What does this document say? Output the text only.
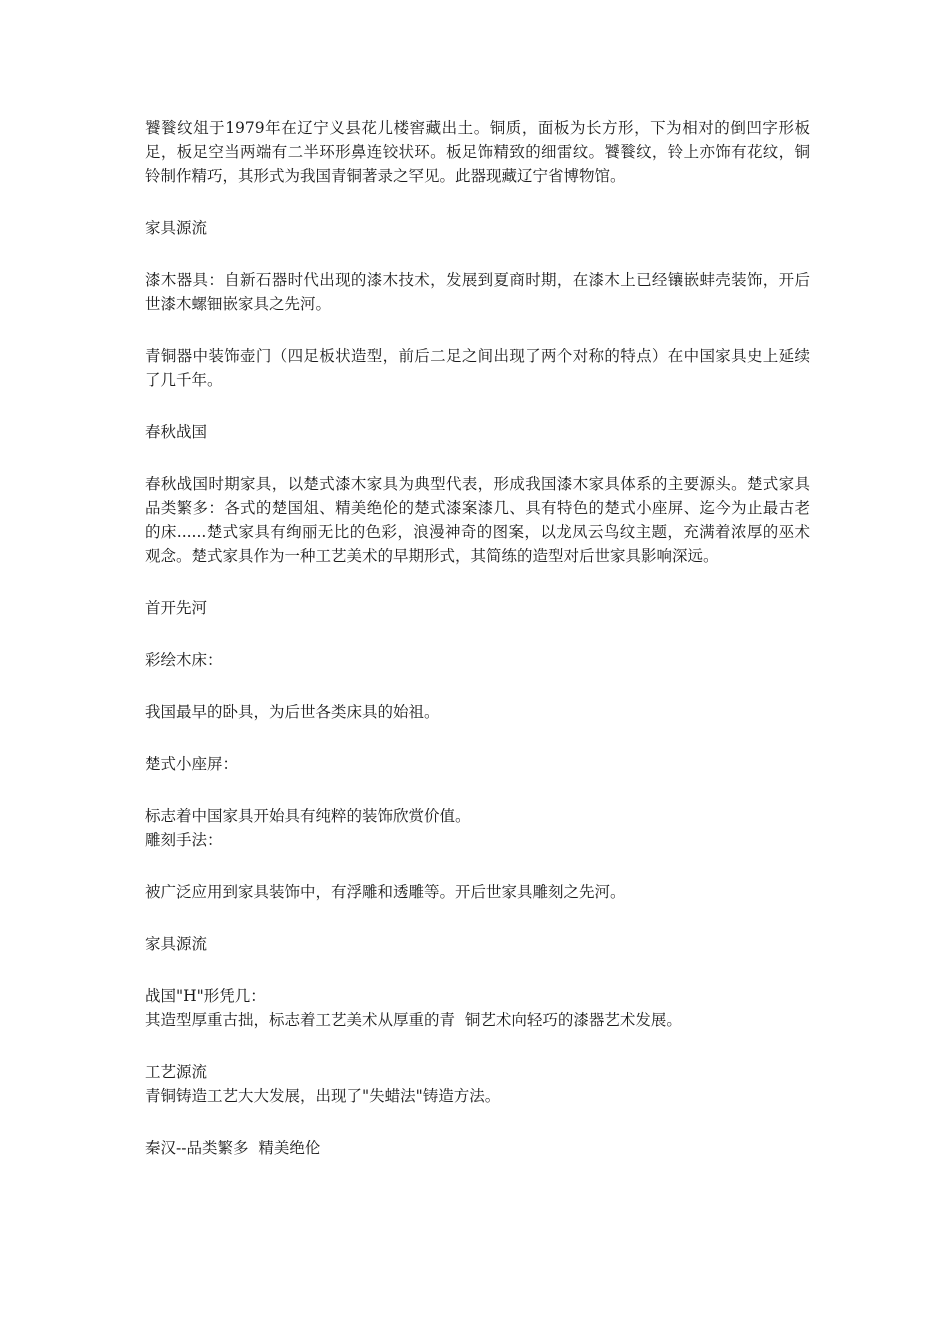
饕餮纹俎于1979年在辽宁义县花儿楼窖藏出土。铜质，面板为长方形，下为相对的倒凹字形板足，板足空当两端有二半环形鼻连铰状环。板足饰精致的细雷纹。饕餮纹，铃上亦饰有花纹，铜铃制作精巧，其形式为我国青铜著录之罕见。此器现藏辽宁省博物馆。

家具源流

漆木器具：自新石器时代出现的漆木技术，发展到夏商时期，在漆木上已经镶嵌蚌壳装饰，开后世漆木螺钿嵌家具之先河。

青铜器中装饰壶门（四足板状造型，前后二足之间出现了两个对称的特点）在中国家具史上延续了几千年。

春秋战国

春秋战国时期家具，以楚式漆木家具为典型代表，形成我国漆木家具体系的主要源头。楚式家具品类繁多：各式的楚国俎、精美绝伦的楚式漆案漆几、具有特色的楚式小座屏、迄今为止最古老的床......楚式家具有绚丽无比的色彩，浪漫神奇的图案，以龙凤云鸟纹主题，充满着浓厚的巫术观念。楚式家具作为一种工艺美术的早期形式，其简练的造型对后世家具影响深远。

首开先河

彩绘木床：

我国最早的卧具，为后世各类床具的始祖。

楚式小座屏：

标志着中国家具开始具有纯粹的装饰欣赏价值。

雕刻手法：

被广泛应用到家具装饰中，有浮雕和透雕等。开后世家具雕刻之先河。

家具源流

战国"H"形凭几：

其造型厚重古拙，标志着工艺美术从厚重的青  铜艺术向轻巧的漆器艺术发展。

工艺源流

青铜铸造工艺大大发展，出现了"失蜡法"铸造方法。

秦汉--品类繁多  精美绝伦
